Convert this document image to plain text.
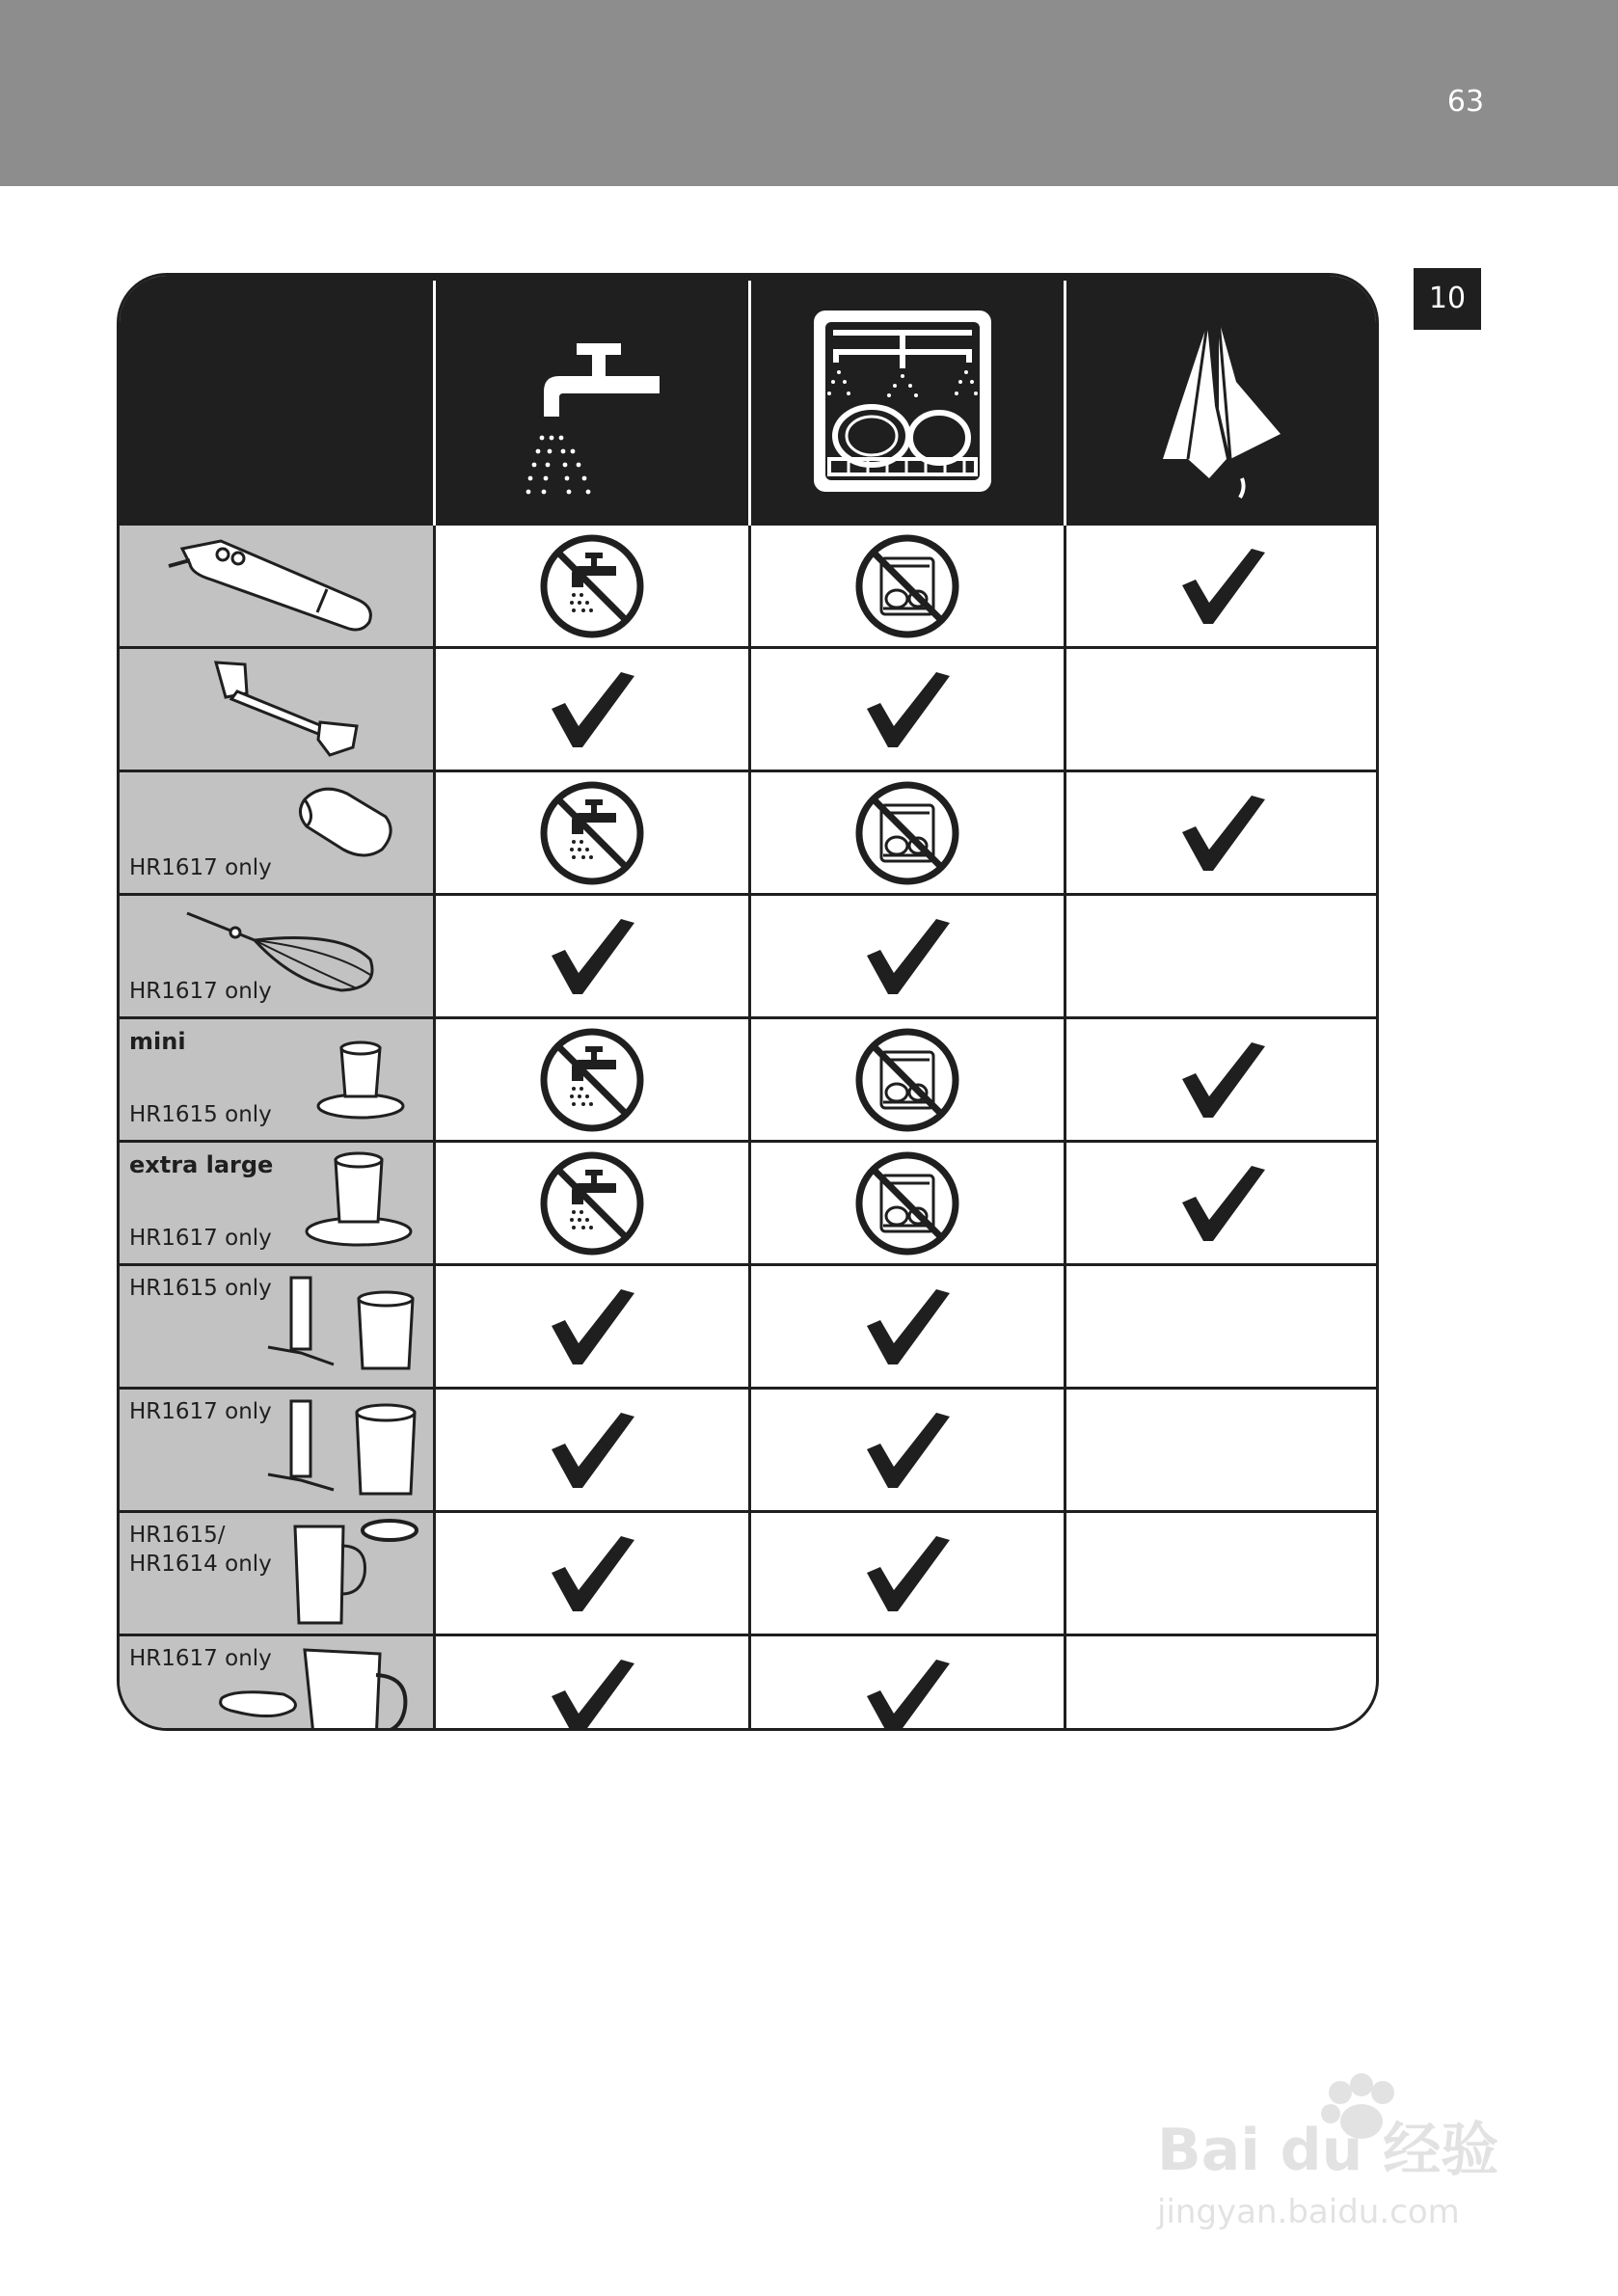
63
10
HR1617 only
HR1617 only
mini
HR1615 only
extra large
HR1617 only
HR1615 only
HR1617 only
HR1615/
HR1614 only
HR1617 only
Bai du 经验
jingyan.baidu.com
